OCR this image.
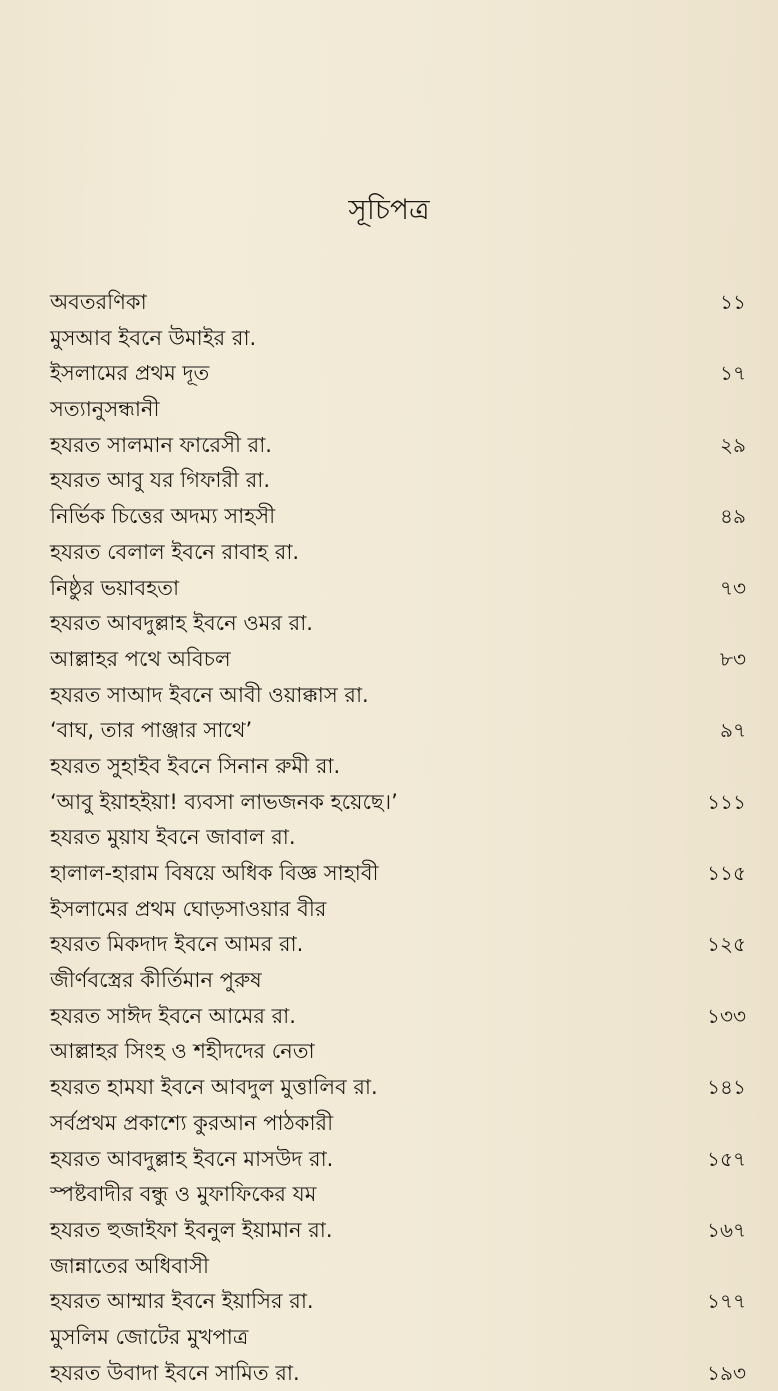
সূচিপত্র
অবতরণিকা	১১
মুসআব ইবনে উমাইর রা.
ইসলামের প্রথম দূত	১৭
সত্যানুসন্ধানী
হযরত সালমান ফারেসী রা.	২৯
হযরত আবু যর গিফারী রা.
নির্ভিক চিত্তের অদম্য সাহসী	৪৯
হযরত বেলাল ইবনে রাবাহ রা.
নিষ্ঠুর ভয়াবহতা	৭৩
হযরত আবদুল্লাহ ইবনে ওমর রা.
আল্লাহর পথে অবিচল	৮৩
হযরত সাআদ ইবনে আবী ওয়াক্কাস রা.
‘বাঘ, তার পাঞ্জার সাথে’	৯৭
হযরত সুহাইব ইবনে সিনান রুমী রা.
‘আবু ইয়াহইয়া! ব্যবসা লাভজনক হয়েছে।’	১১১
হযরত মুয়ায ইবনে জাবাল রা.
হালাল-হারাম বিষয়ে অধিক বিজ্ঞ সাহাবী	১১৫
ইসলামের প্রথম ঘোড়সাওয়ার বীর
হযরত মিকদাদ ইবনে আমর রা.	১২৫
জীর্ণবস্ত্রের কীর্তিমান পুরুষ
হযরত সাঈদ ইবনে আমের রা.	১৩৩
আল্লাহর সিংহ ও শহীদদের নেতা
হযরত হামযা ইবনে আবদুল মুত্তালিব রা.	১৪১
সর্বপ্রথম প্রকাশ্যে কুরআন পাঠকারী
হযরত আবদুল্লাহ ইবনে মাসউদ রা.	১৫৭
স্পষ্টবাদীর বন্ধু ও মুফাফিকের যম
হযরত হুজাইফা ইবনুল ইয়ামান রা.	১৬৭
জান্নাতের অধিবাসী
হযরত আম্মার ইবনে ইয়াসির রা.	১৭৭
মুসলিম জোটের মুখপাত্র
হযরত উবাদা ইবনে সামিত রা.	১৯৩
